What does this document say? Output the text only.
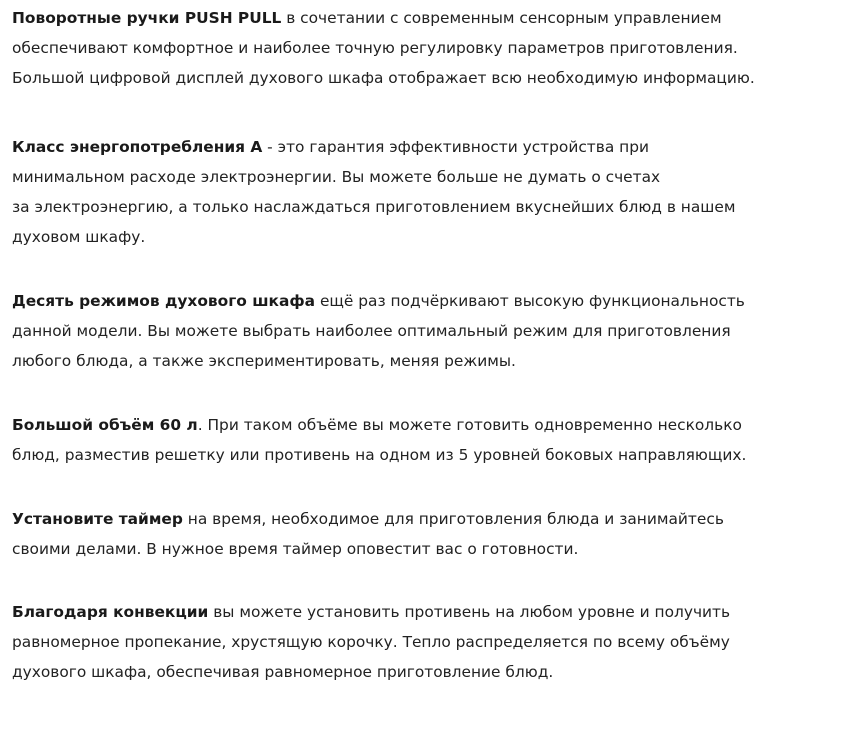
Поворотные ручки PUSH PULL в сочетании с современным сенсорным управлением
обеспечивают комфортное и наиболее точную регулировку параметров приготовления.
Большой цифровой дисплей духового шкафа отображает всю необходимую информацию.
Класс энергопотребления А - это гарантия эффективности устройства при
минимальном расходе электроэнергии. Вы можете больше не думать о счетах
за электроэнергию, а только наслаждаться приготовлением вкуснейших блюд в нашем
духовом шкафу.
Десять режимов духового шкафа ещё раз подчёркивают высокую функциональность
данной модели. Вы можете выбрать наиболее оптимальный режим для приготовления
любого блюда, а также экспериментировать, меняя режимы.
Большой объём 60 л. При таком объёме вы можете готовить одновременно несколько
блюд, разместив решетку или противень на одном из 5 уровней боковых направляющих.
Установите таймер на время, необходимое для приготовления блюда и занимайтесь
своими делами. В нужное время таймер оповестит вас о готовности.
Благодаря конвекции вы можете установить противень на любом уровне и получить
равномерное пропекание, хрустящую корочку. Тепло распределяется по всему объёму
духового шкафа, обеспечивая равномерное приготовление блюд.
